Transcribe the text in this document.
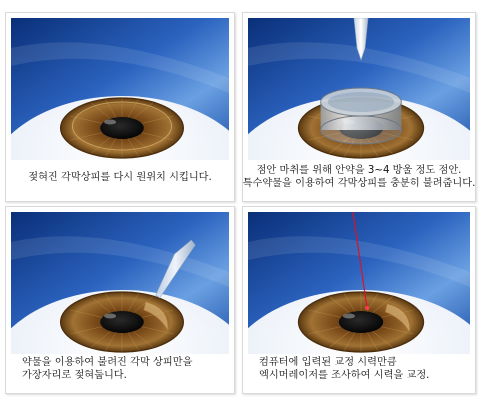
젖혀진 각막상피를 다시 원위치 시킵니다.
점안 마취를 위해 안약을 3~4 방울 정도 점안.
특수약물을 이용하여 각막상피를 충분히 불려줍니다.
약물을 이용하여 불려진 각막 상피만을
가장자리로 젖혀둡니다.
컴퓨터에 입력된 교정 시력만큼
엑시머레이저를 조사하여 시력을 교정.
